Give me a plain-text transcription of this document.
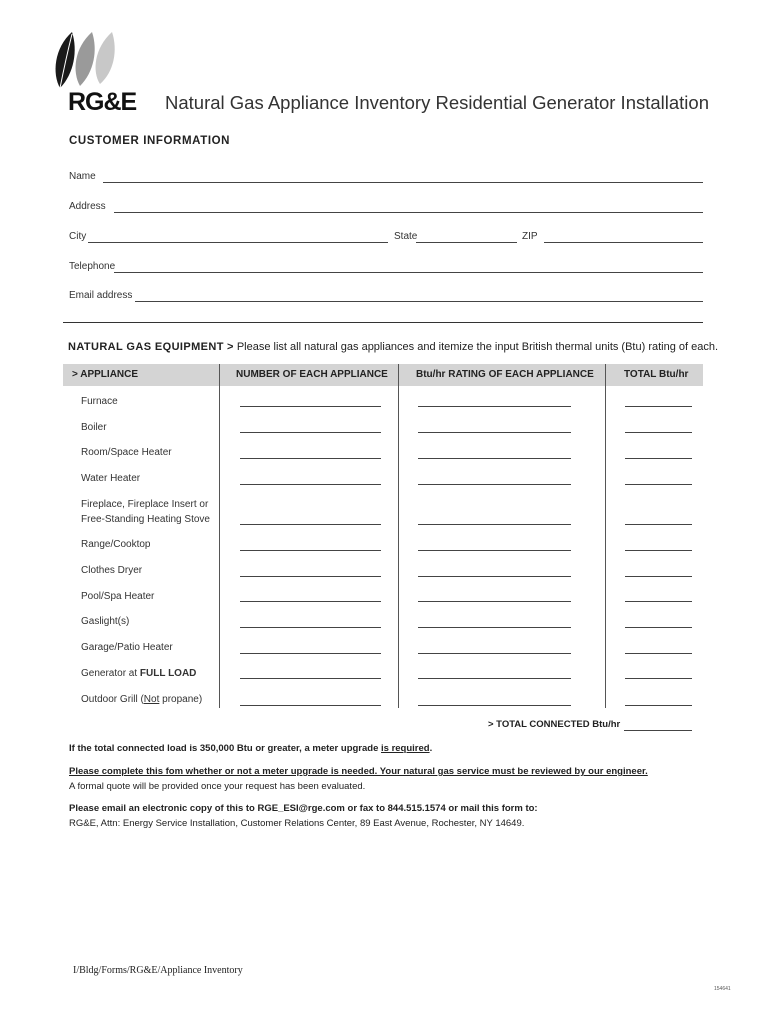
RG&E Natural Gas Appliance Inventory Residential Generator Installation
CUSTOMER INFORMATION
Name
Address
City	State	ZIP
Telephone
Email address
NATURAL GAS EQUIPMENT > Please list all natural gas appliances and itemize the input British thermal units (Btu) rating of each.
> APPLIANCE	NUMBER OF EACH APPLIANCE	Btu/hr RATING OF EACH APPLIANCE	TOTAL Btu/hr
Furnace
Boiler
Room/Space Heater
Water Heater
Fireplace, Fireplace Insert or
Free-Standing Heating Stove
Range/Cooktop
Clothes Dryer
Pool/Spa Heater
Gaslight(s)
Garage/Patio Heater
Generator at FULL LOAD
Outdoor Grill (Not propane)
> TOTAL CONNECTED Btu/hr
If the total connected load is 350,000 Btu or greater, a meter upgrade is required.
Please complete this fom whether or not a meter upgrade is needed. Your natural gas service must be reviewed by our engineer.
A formal quote will be provided once your request has been evaluated.
Please email an electronic copy of this to RGE_ESI@rge.com or fax to 844.515.1574 or mail this form to:
RG&E, Attn: Energy Service Installation, Customer Relations Center, 89 East Avenue, Rochester, NY 14649.
I/Bldg/Forms/RG&E/Appliance Inventory
154641
